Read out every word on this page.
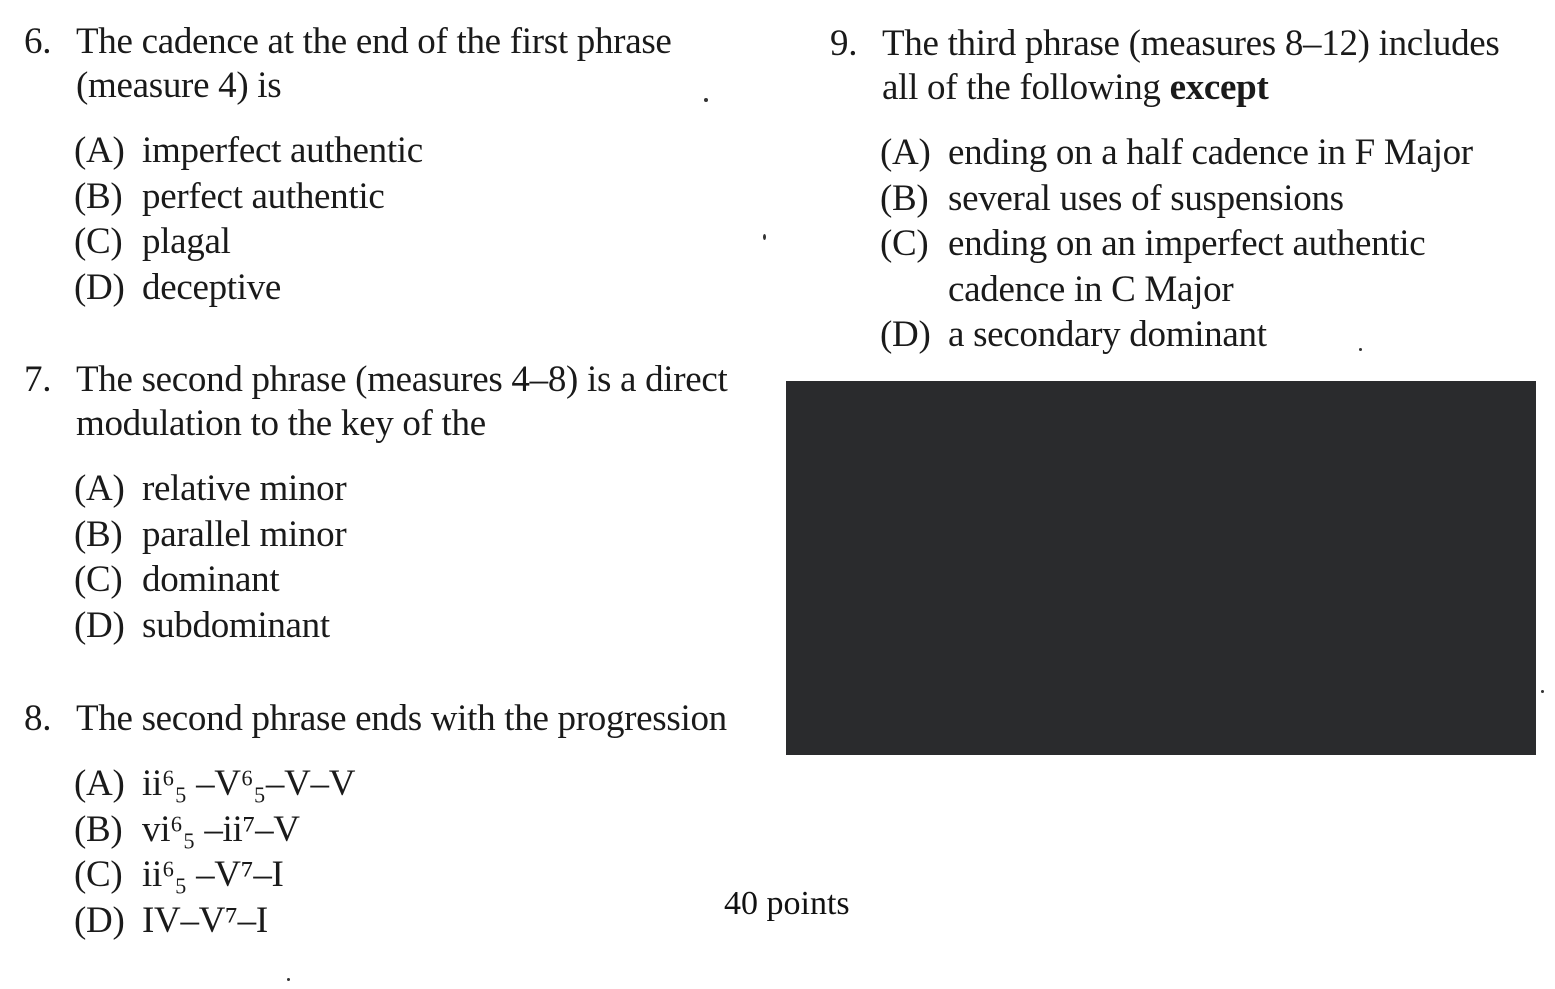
6. The cadence at the end of the first phrase
(measure 4) is
(A) imperfect authentic
(B) perfect authentic
(C) plagal
(D) deceptive
7. The second phrase (measures 4–8) is a direct
modulation to the key of the
(A) relative minor
(B) parallel minor
(C) dominant
(D) subdominant
8. The second phrase ends with the progression
(A) ii⁶₅ –V⁶₅–V–V
(B) vi⁶₅ –ii⁷–V
(C) ii⁶₅ –V⁷–I
(D) IV–V⁷–I
9. The third phrase (measures 8–12) includes
all of the following except
(A) ending on a half cadence in F Major
(B) several uses of suspensions
(C) ending on an imperfect authentic
cadence in C Major
(D) a secondary dominant
40 points
